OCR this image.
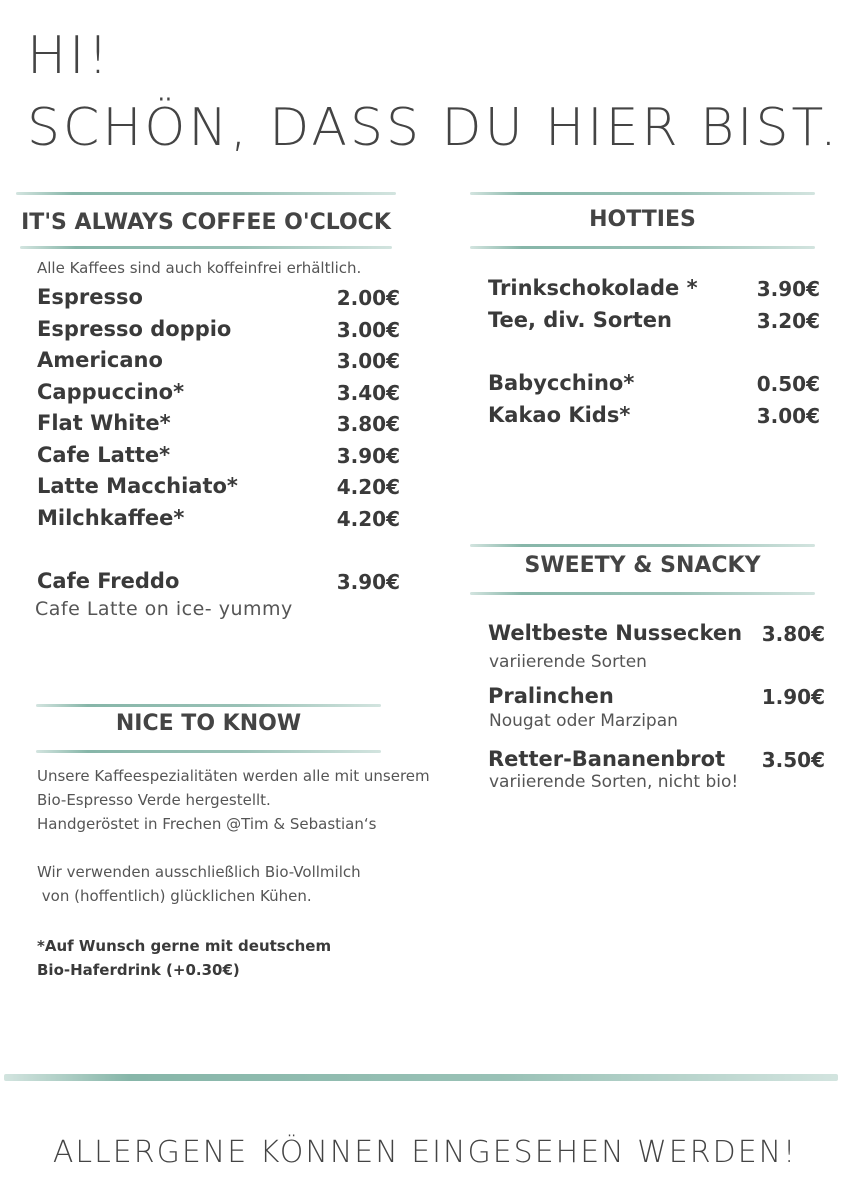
HI!
SCHÖN, DASS DU HIER BIST.
IT'S ALWAYS COFFEE O'CLOCK
Alle Kaffees sind auch koffeinfrei erhältlich.
Espresso	2.00€
Espresso doppio	3.00€
Americano	3.00€
Cappuccino*	3.40€
Flat White*	3.80€
Cafe Latte*	3.90€
Latte Macchiato*	4.20€
Milchkaffee*	4.20€
Cafe Freddo	3.90€
Cafe Latte on ice- yummy
NICE TO KNOW
Unsere Kaffeespezialitäten werden alle mit unserem
Bio-Espresso Verde hergestellt.
Handgeröstet in Frechen @Tim & Sebastian‘s
Wir verwenden ausschließlich Bio-Vollmilch
von (hoffentlich) glücklichen Kühen.
*Auf Wunsch gerne mit deutschem
Bio-Haferdrink (+0.30€)
HOTTIES
Trinkschokolade *	3.90€
Tee, div. Sorten	3.20€
Babycchino*	0.50€
Kakao Kids*	3.00€
SWEETY & SNACKY
Weltbeste Nussecken 3.80€
variierende Sorten
Pralinchen	1.90€
Nougat oder Marzipan
Retter-Bananenbrot	3.50€
variierende Sorten, nicht bio!
ALLERGENE KÖNNEN EINGESEHEN WERDEN!
